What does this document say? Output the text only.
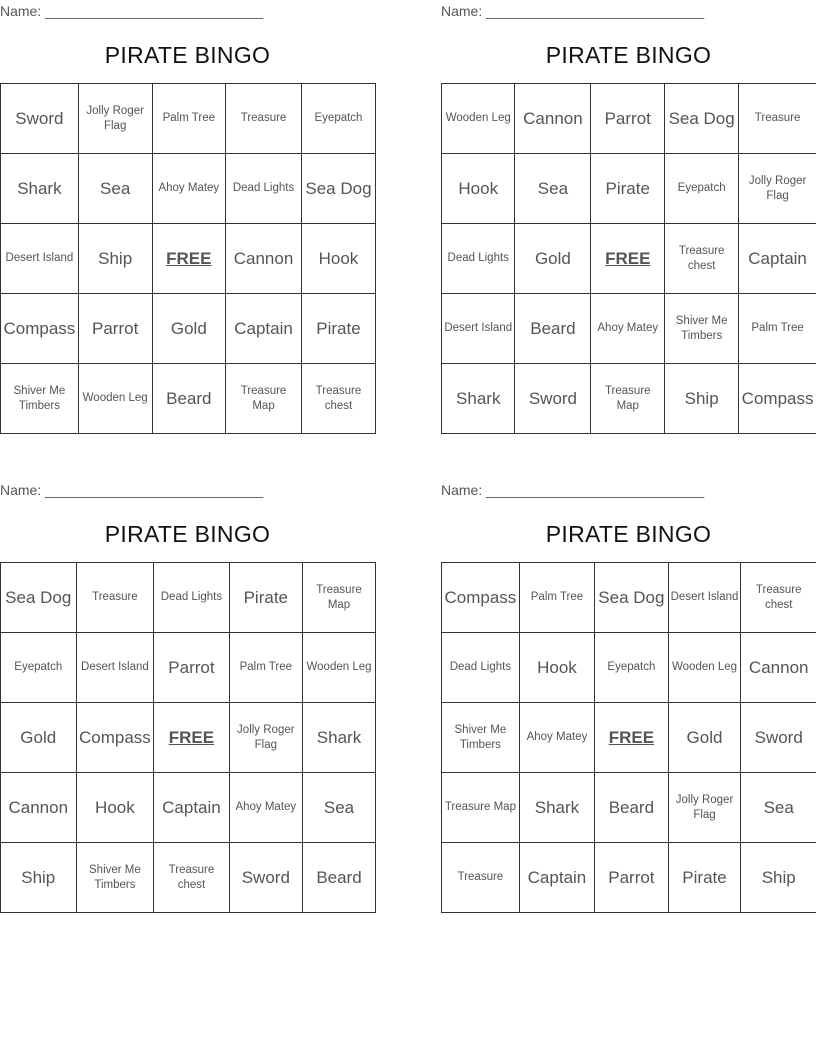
Name: ____________________________
PIRATE BINGO
Sword	Jolly Roger Flag	Palm Tree	Treasure	Eyepatch
Shark	Sea	Ahoy Matey	Dead Lights	Sea Dog
Desert Island	Ship	FREE	Cannon	Hook
Compass	Parrot	Gold	Captain	Pirate
Shiver Me Timbers	Wooden Leg	Beard	Treasure Map	Treasure chest
Name: ____________________________
PIRATE BINGO
Wooden Leg	Cannon	Parrot	Sea Dog	Treasure
Hook	Sea	Pirate	Eyepatch	Jolly Roger Flag
Dead Lights	Gold	FREE	Treasure chest	Captain
Desert Island	Beard	Ahoy Matey	Shiver Me Timbers	Palm Tree
Shark	Sword	Treasure Map	Ship	Compass
Name: ____________________________
PIRATE BINGO
Sea Dog	Treasure	Dead Lights	Pirate	Treasure Map
Eyepatch	Desert Island	Parrot	Palm Tree	Wooden Leg
Gold	Compass	FREE	Jolly Roger Flag	Shark
Cannon	Hook	Captain	Ahoy Matey	Sea
Ship	Shiver Me Timbers	Treasure chest	Sword	Beard
Name: ____________________________
PIRATE BINGO
Compass	Palm Tree	Sea Dog	Desert Island	Treasure chest
Dead Lights	Hook	Eyepatch	Wooden Leg	Cannon
Shiver Me Timbers	Ahoy Matey	FREE	Gold	Sword
Treasure Map	Shark	Beard	Jolly Roger Flag	Sea
Treasure	Captain	Parrot	Pirate	Ship
